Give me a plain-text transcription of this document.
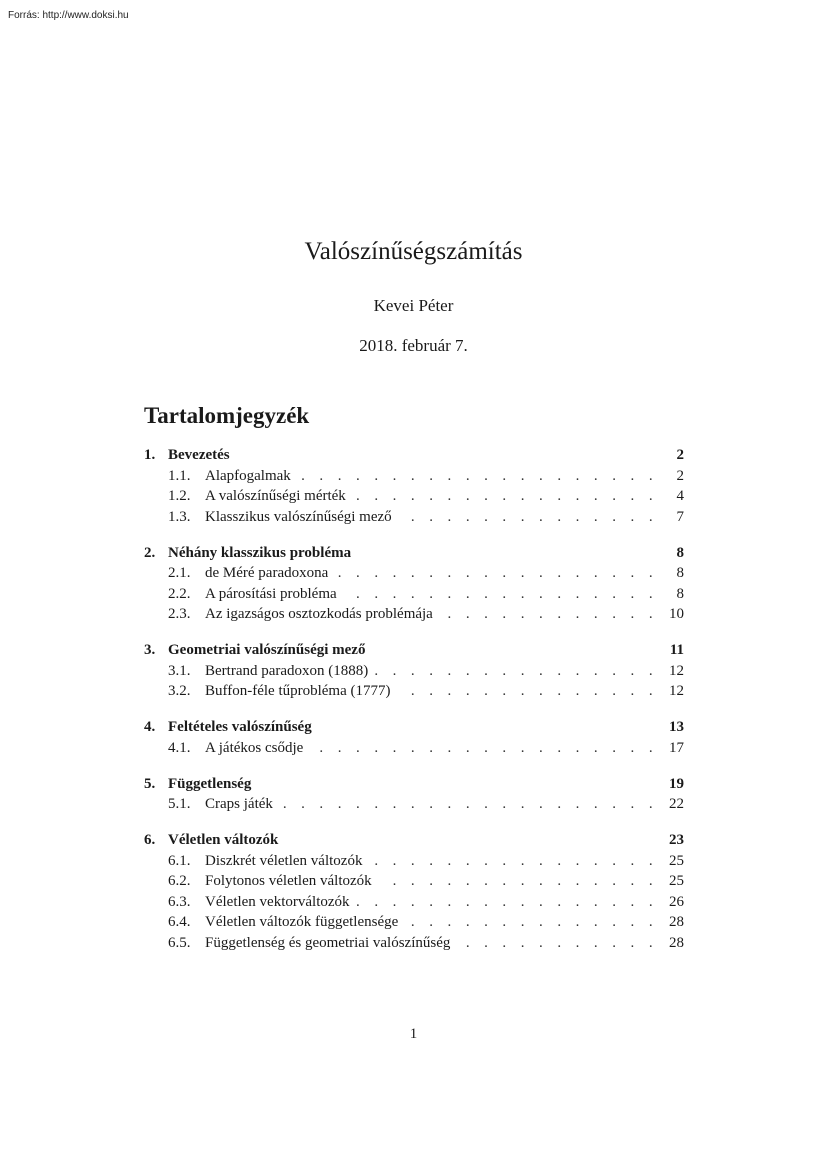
Forrás: http://www.doksi.hu
Valószínűségszámítás
Kevei Péter
2018. február 7.
Tartalomjegyzék
1. Bevezetés	2
1.1. Alapfogalmak . . .	2
1.2. A valószínűségi mérték . . .	4
1.3. Klasszikus valószínűségi mező . . .	7
2. Néhány klasszikus probléma	8
2.1. de Méré paradoxona . . .	8
2.2. A párosítási probléma . . .	8
2.3. Az igazságos osztozkodás problémája . . .	10
3. Geometriai valószínűségi mező	11
3.1. Bertrand paradoxon (1888) . . .	12
3.2. Buffon-féle tűprobléma (1777) . . .	12
4. Feltételes valószínűség	13
4.1. A játékos csődje . . .	17
5. Függetlenség	19
5.1. Craps játék . . .	22
6. Véletlen változók	23
6.1. Diszkrét véletlen változók . . .	25
6.2. Folytonos véletlen változók . . .	25
6.3. Véletlen vektorváltozók . . .	26
6.4. Véletlen változók függetlensége . . .	28
6.5. Függetlenség és geometriai valószínűség . . .	28
1
